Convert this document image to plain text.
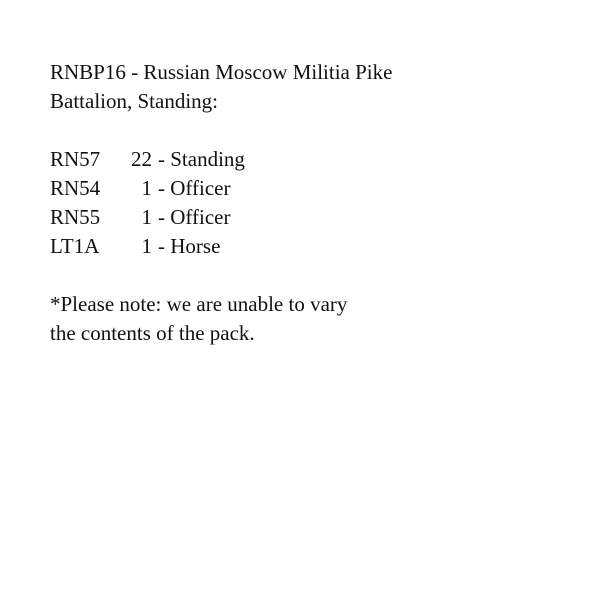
RNBP16 - Russian Moscow Militia Pike
Battalion, Standing:
RN57	22 - Standing
RN54	1 - Officer
RN55	1 - Officer
LT1A	1 - Horse
*Please note: we are unable to vary
the contents of the pack.
